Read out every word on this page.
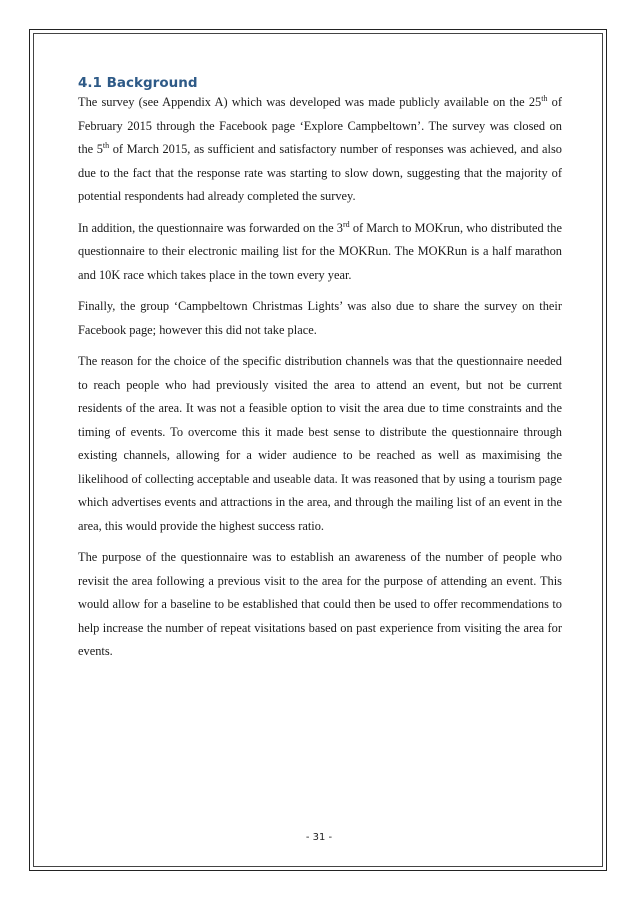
4.1 Background

The survey (see Appendix A) which was developed was made publicly available on the 25th of February 2015 through the Facebook page ‘Explore Campbeltown’. The survey was closed on the 5th of March 2015, as sufficient and satisfactory number of responses was achieved, and also due to the fact that the response rate was starting to slow down, suggesting that the majority of potential respondents had already completed the survey.

In addition, the questionnaire was forwarded on the 3rd of March to MOKrun, who distributed the questionnaire to their electronic mailing list for the MOKRun. The MOKRun is a half marathon and 10K race which takes place in the town every year.

Finally, the group ‘Campbeltown Christmas Lights’ was also due to share the survey on their Facebook page; however this did not take place.

The reason for the choice of the specific distribution channels was that the questionnaire needed to reach people who had previously visited the area to attend an event, but not be current residents of the area. It was not a feasible option to visit the area due to time constraints and the timing of events. To overcome this it made best sense to distribute the questionnaire through existing channels, allowing for a wider audience to be reached as well as maximising the likelihood of collecting acceptable and useable data. It was reasoned that by using a tourism page which advertises events and attractions in the area, and through the mailing list of an event in the area, this would provide the highest success ratio.

The purpose of the questionnaire was to establish an awareness of the number of people who revisit the area following a previous visit to the area for the purpose of attending an event. This would allow for a baseline to be established that could then be used to offer recommendations to help increase the number of repeat visitations based on past experience from visiting the area for events.

- 31 -
